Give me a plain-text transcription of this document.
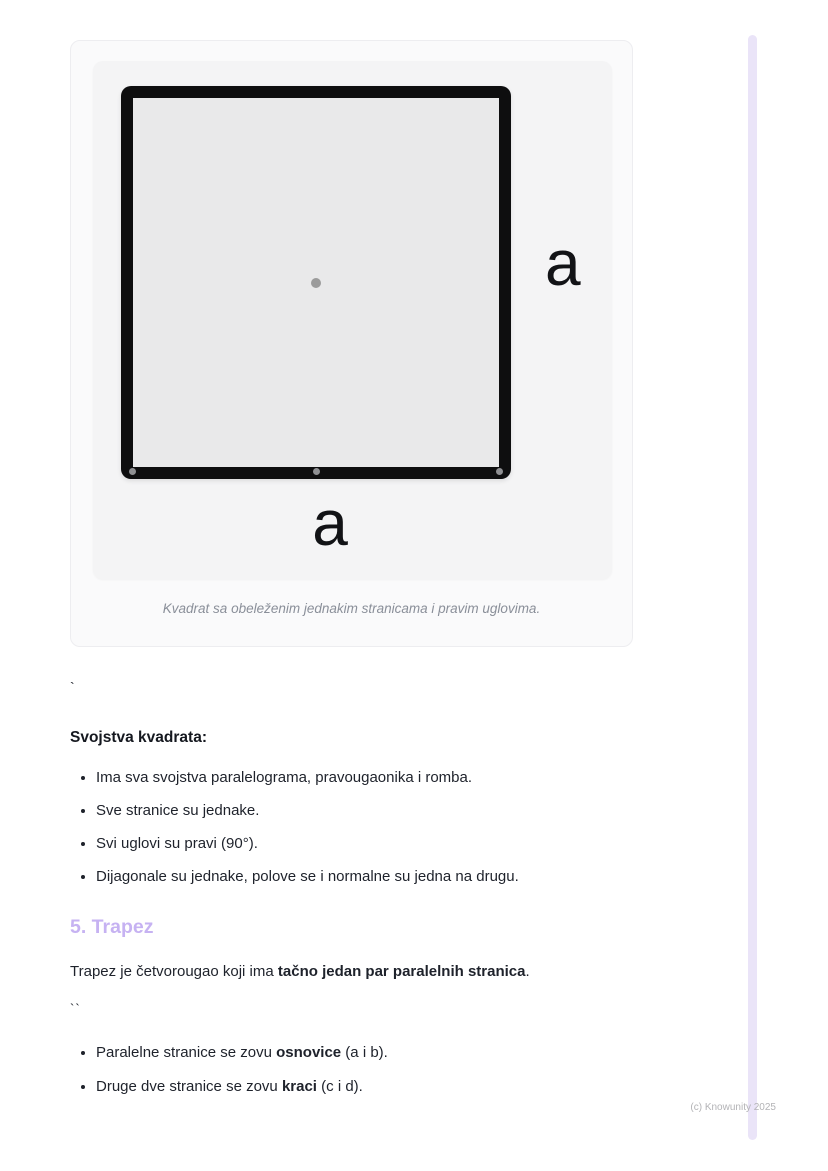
a
a
Kvadrat sa obeleženim jednakim stranicama i pravim uglovima.

`

Svojstva kvadrata:
• Ima sva svojstva paralelograma, pravougaonika i romba.
• Sve stranice su jednake.
• Svi uglovi su pravi (90°).
• Dijagonale su jednake, polove se i normalne su jedna na drugu.
5. Trapez

Trapez je četvorougao koji ima tačno jedan par paralelnih stranica.

``

• Paralelne stranice se zovu osnovice (a i b).
• Druge dve stranice se zovu kraci (c i d).
(c) Knowunity 2025
